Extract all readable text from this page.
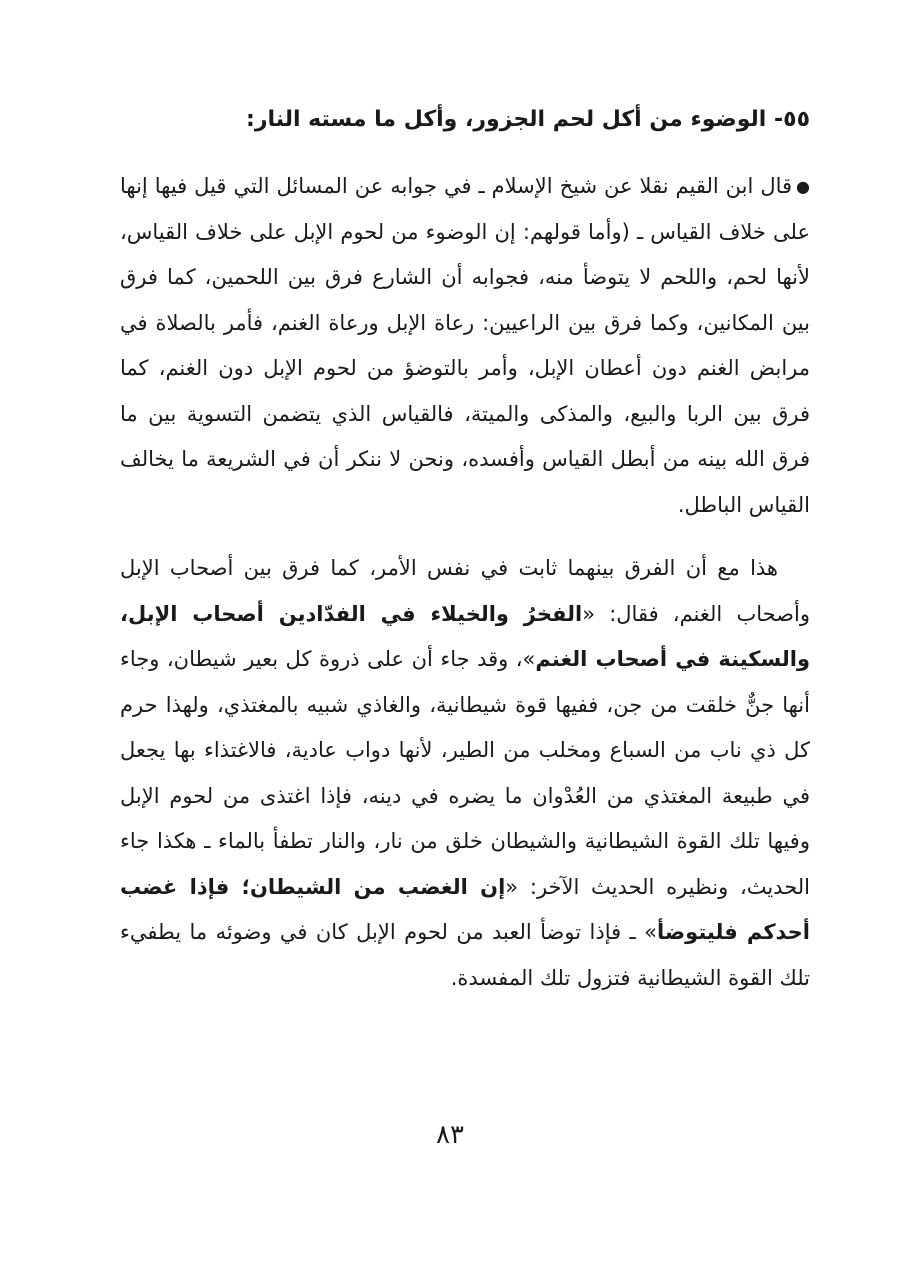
٥٥- الوضوء من أكل لحم الجزور، وأكل ما مسته النار:

●قال ابن القيم نقلا عن شيخ الإسلام ـ في جوابه عن المسائل التي قيل فيها إنها على خلاف القياس ـ (وأما قولهم: إن الوضوء من لحوم الإبل على خلاف القياس، لأنها لحم، واللحم لا يتوضأ منه، فجوابه أن الشارع فرق بين اللحمين، كما فرق بين المكانين، وكما فرق بين الراعيين: رعاة الإبل ورعاة الغنم، فأمر بالصلاة في مرابض الغنم دون أعطان الإبل، وأمر بالتوضؤ من لحوم الإبل دون الغنم، كما فرق بين الربا والبيع، والمذكى والميتة، فالقياس الذي يتضمن التسوية بين ما فرق الله بينه من أبطل القياس وأفسده، ونحن لا ننكر أن في الشريعة ما يخالف القياس الباطل.

هذا مع أن الفرق بينهما ثابت في نفس الأمر، كما فرق بين أصحاب الإبل وأصحاب الغنم، فقال: «الفخرُ والخيلاء في الفدّادين أصحاب الإبل، والسكينة في أصحاب الغنم»، وقد جاء أن على ذروة كل بعير شيطان، وجاء أنها جنٌّ خلقت من جن، ففيها قوة شيطانية، والغاذي شبيه بالمغتذي، ولهذا حرم كل ذي ناب من السباع ومخلب من الطير، لأنها دواب عادية، فالاغتذاء بها يجعل في طبيعة المغتذي من العُدْوان ما يضره في دينه، فإذا اغتذى من لحوم الإبل وفيها تلك القوة الشيطانية والشيطان خلق من نار، والنار تطفأ بالماء ـ هكذا جاء الحديث، ونظيره الحديث الآخر: «إن الغضب من الشيطان؛ فإذا غضب أحدكم فليتوضأ» ـ فإذا توضأ العبد من لحوم الإبل كان في وضوئه ما يطفيء تلك القوة الشيطانية فتزول تلك المفسدة.

٨٣
